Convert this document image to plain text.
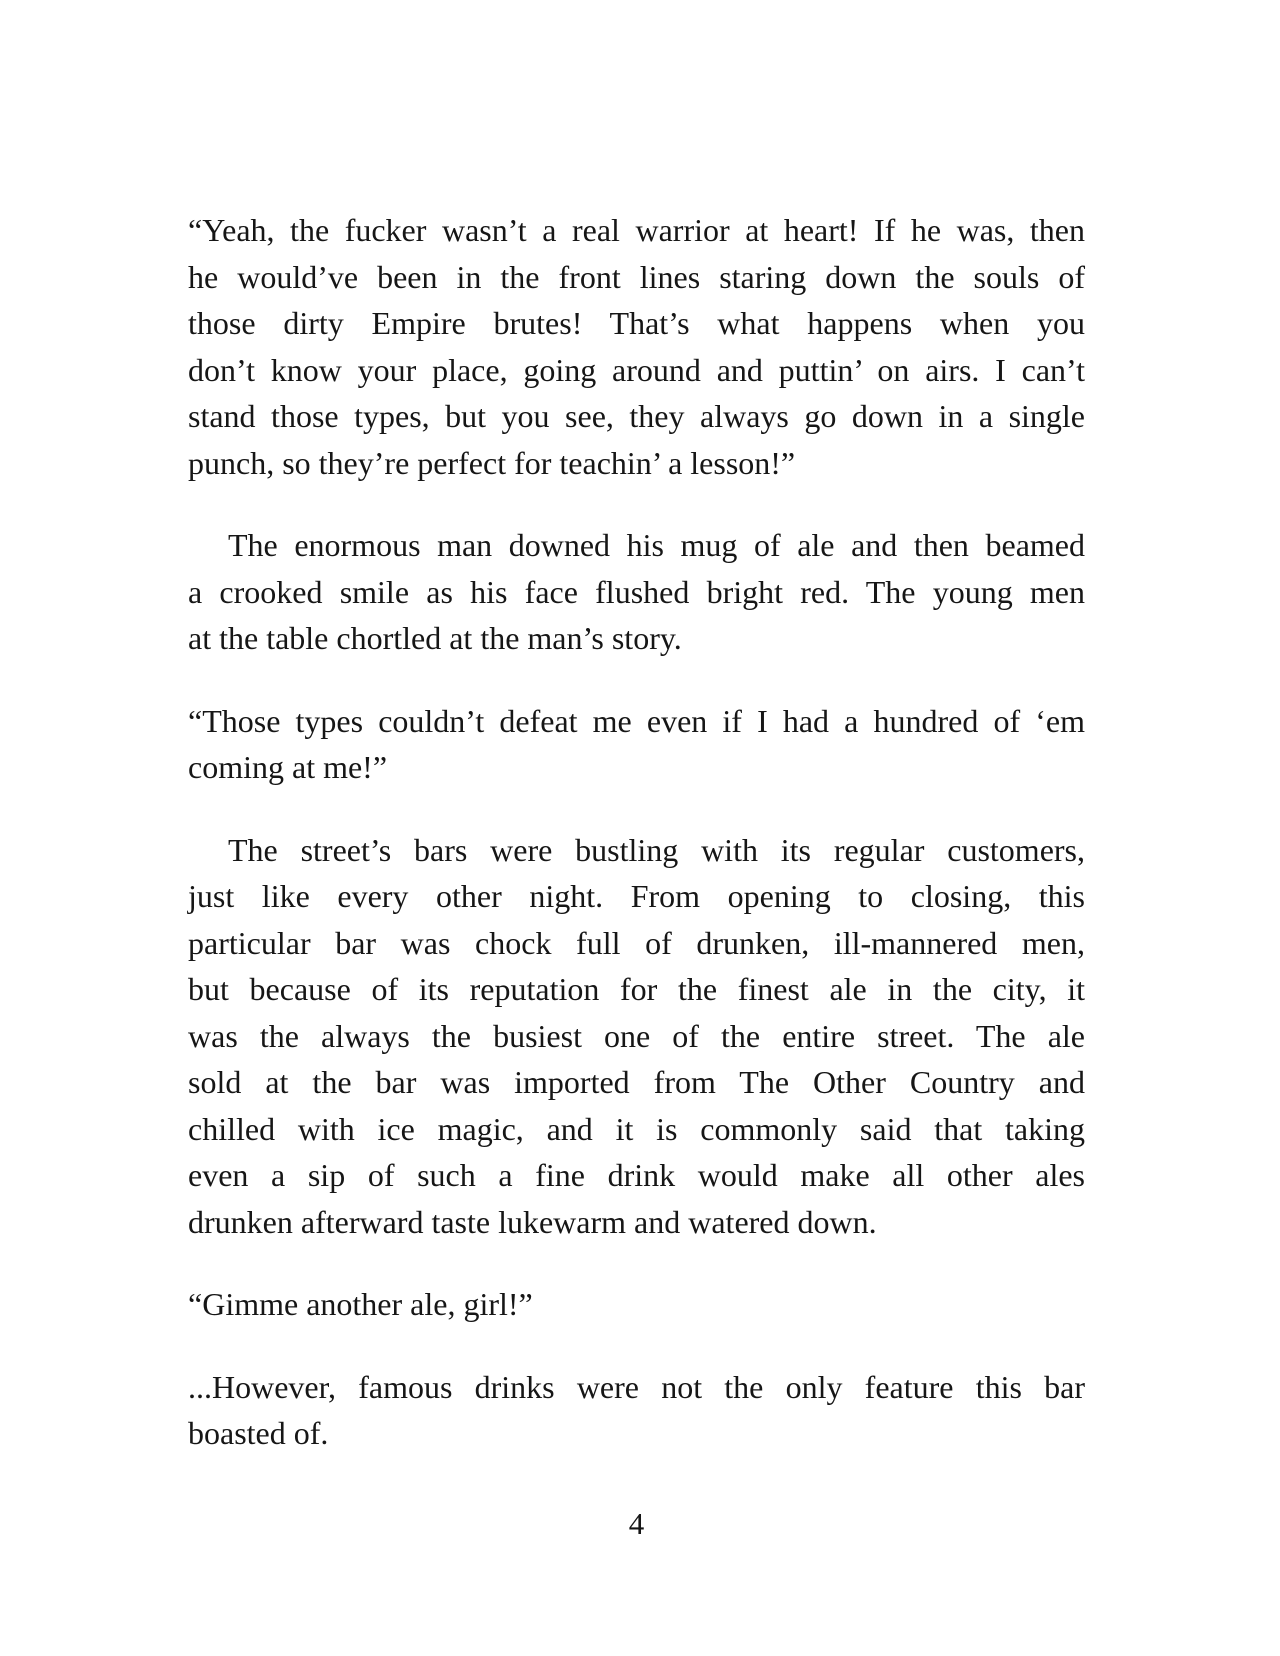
“Yeah, the fucker wasn’t a real warrior at heart! If he was, then
he would’ve been in the front lines staring down the souls of
those dirty Empire brutes! That’s what happens when you
don’t know your place, going around and puttin’ on airs. I can’t
stand those types, but you see, they always go down in a single
punch, so they’re perfect for teachin’ a lesson!”

The enormous man downed his mug of ale and then beamed
a crooked smile as his face flushed bright red. The young men
at the table chortled at the man’s story.

“Those types couldn’t defeat me even if I had a hundred of ‘em
coming at me!”

The street’s bars were bustling with its regular customers,
just like every other night. From opening to closing, this
particular bar was chock full of drunken, ill-mannered men,
but because of its reputation for the finest ale in the city, it
was the always the busiest one of the entire street. The ale
sold at the bar was imported from The Other Country and
chilled with ice magic, and it is commonly said that taking
even a sip of such a fine drink would make all other ales
drunken afterward taste lukewarm and watered down.

“Gimme another ale, girl!”

...However, famous drinks were not the only feature this bar
boasted of.

4
